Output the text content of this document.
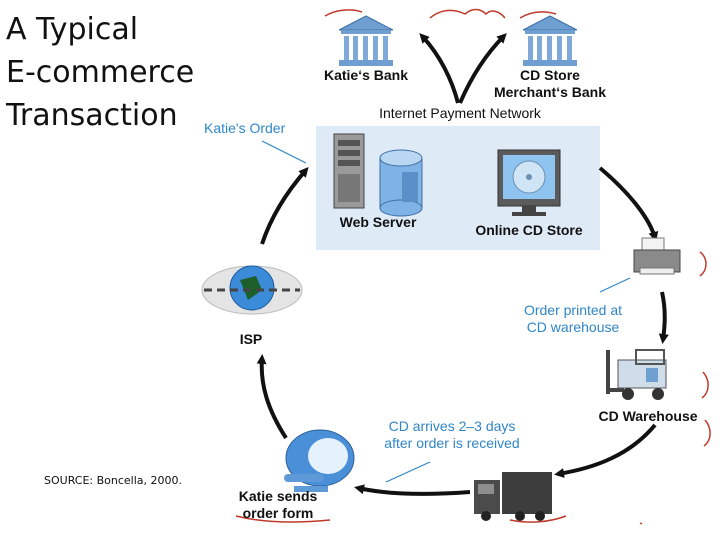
A Typical
E-commerce
Transaction
Katie‘s Bank	CD Store
Merchant‘s Bank
Internet Payment Network
Katie's Order
Web Server	Online CD Store
Order printed at
CD warehouse
CD Warehouse
CD arrives 2–3 days
after order is received
Katie sends
order form
ISP
SOURCE: Boncella, 2000.
